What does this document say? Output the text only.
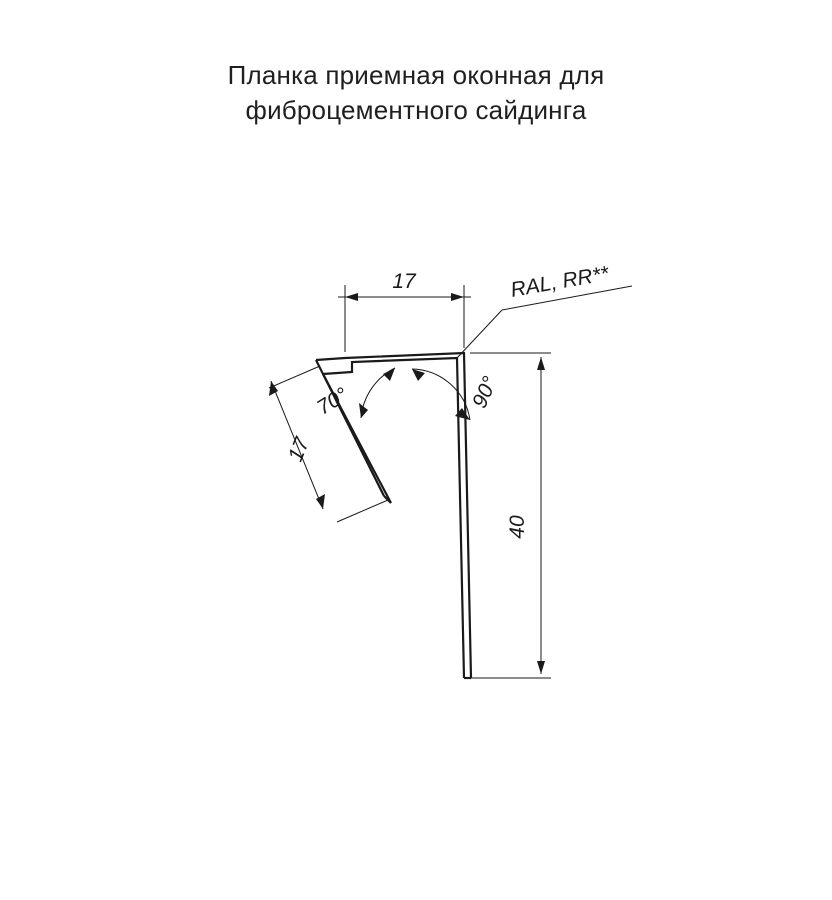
Планка приемная оконная для
фиброцементного сайдинга
17
40
17
70°	90°
RAL, RR**
